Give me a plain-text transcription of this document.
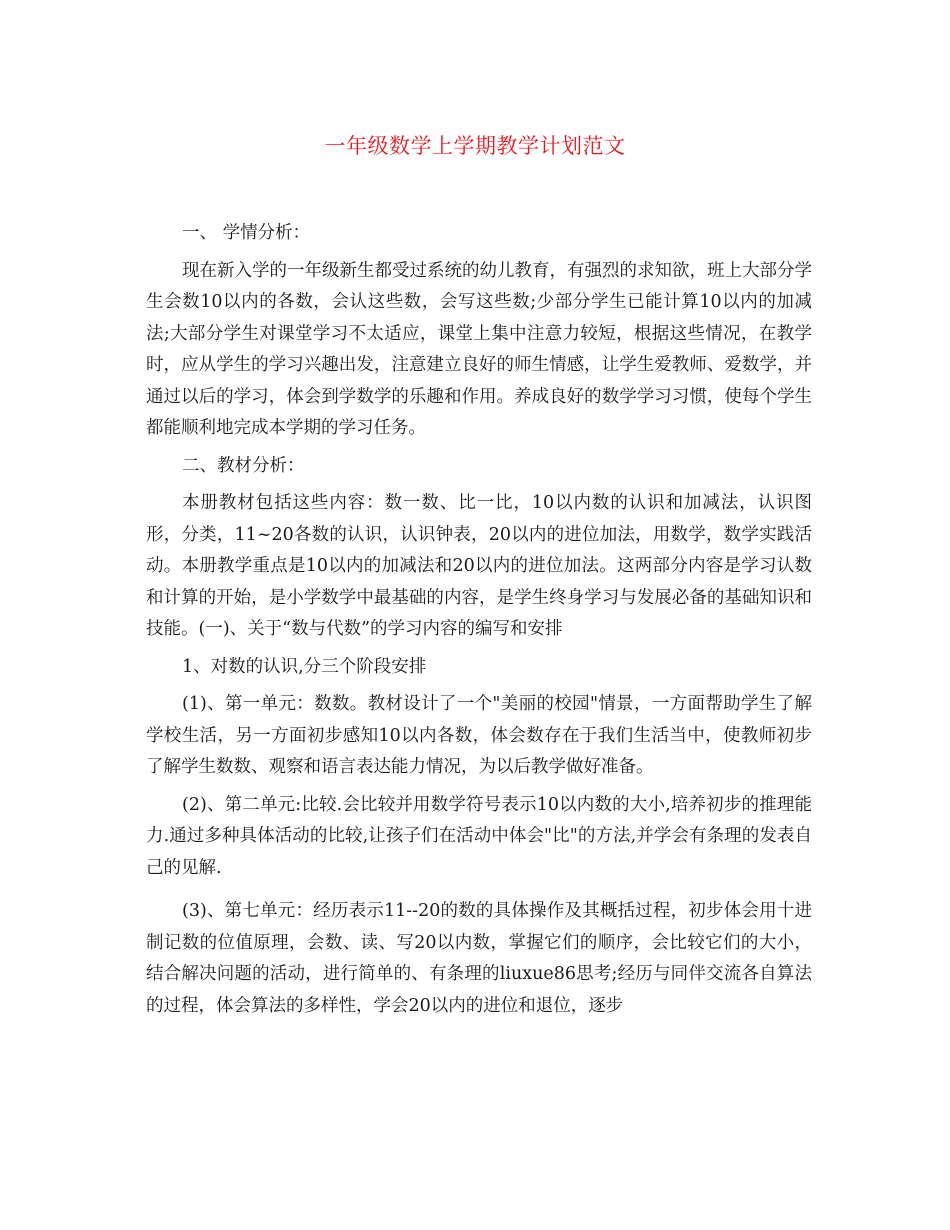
一年级数学上学期教学计划范文

一、 学情分析：

现在新入学的一年级新生都受过系统的幼儿教育，有强烈的求知欲，班上大部分学生会数10以内的各数，会认这些数，会写这些数;少部分学生已能计算10以内的加减法;大部分学生对课堂学习不太适应，课堂上集中注意力较短，根据这些情况，在教学时，应从学生的学习兴趣出发，注意建立良好的师生情感，让学生爱教师、爱数学，并通过以后的学习，体会到学数学的乐趣和作用。养成良好的数学学习习惯，使每个学生都能顺利地完成本学期的学习任务。

二、教材分析：

本册教材包括这些内容：数一数、比一比，10以内数的认识和加减法，认识图形，分类，11~20各数的认识，认识钟表，20以内的进位加法，用数学，数学实践活动。本册教学重点是10以内的加减法和20以内的进位加法。这两部分内容是学习认数和计算的开始，是小学数学中最基础的内容，是学生终身学习与发展必备的基础知识和技能。(一)、关于“数与代数”的学习内容的编写和安排

1、对数的认识,分三个阶段安排

(1)、第一单元：数数。教材设计了一个"美丽的校园"情景，一方面帮助学生了解学校生活，另一方面初步感知10以内各数，体会数存在于我们生活当中，使教师初步了解学生数数、观察和语言表达能力情况，为以后教学做好准备。

(2)、第二单元:比较.会比较并用数学符号表示10以内数的大小,培养初步的推理能力.通过多种具体活动的比较,让孩子们在活动中体会"比"的方法,并学会有条理的发表自己的见解.

(3)、第七单元：经历表示11--20的数的具体操作及其概括过程，初步体会用十进制记数的位值原理，会数、读、写20以内数，掌握它们的顺序，会比较它们的大小，结合解决问题的活动，进行简单的、有条理的liuxue86思考;经历与同伴交流各自算法的过程，体会算法的多样性，学会20以内的进位和退位，逐步
